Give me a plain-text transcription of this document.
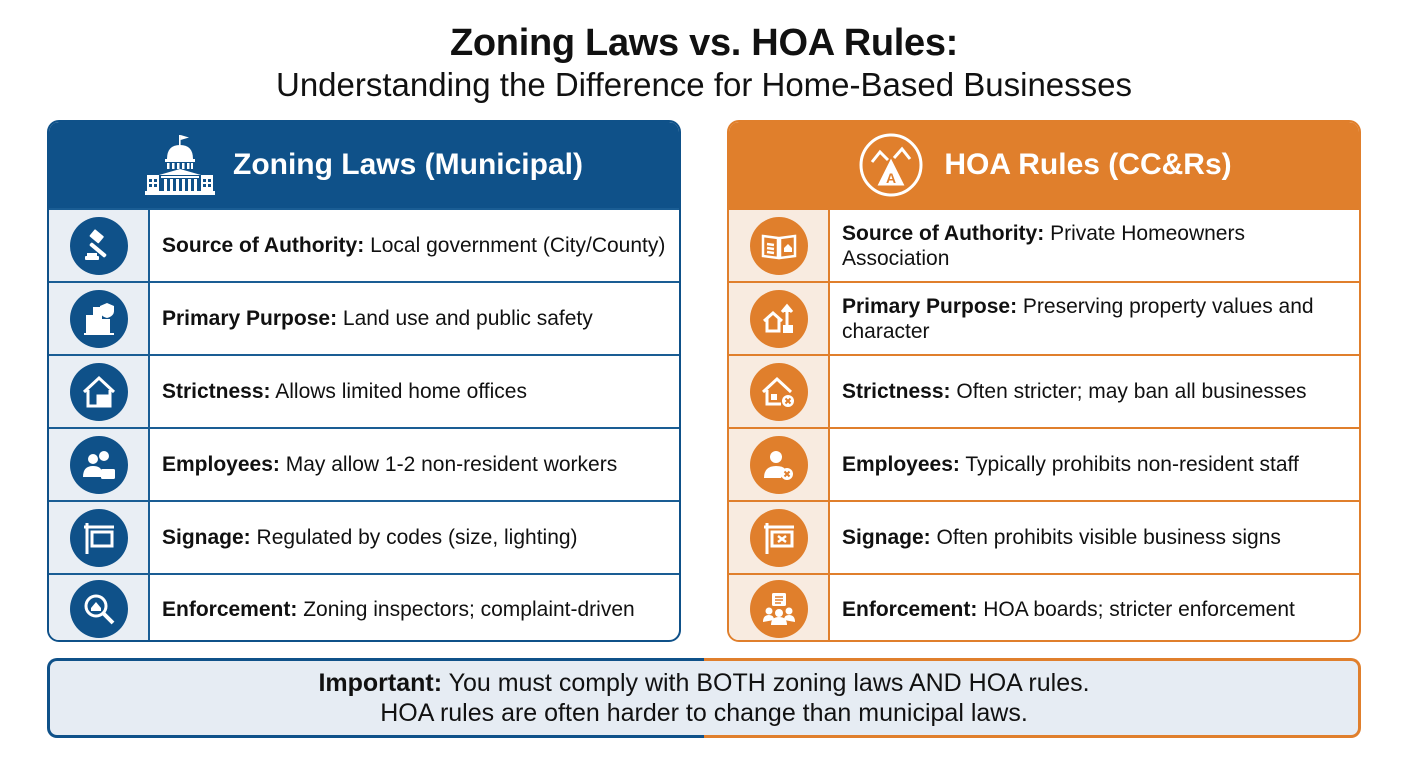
Zoning Laws vs. HOA Rules:
Understanding the Difference for Home-Based Businesses
Zoning Laws (Municipal)
Source of Authority: Local government (City/County)
Primary Purpose: Land use and public safety
Strictness: Allows limited home offices
Employees: May allow 1-2 non-resident workers
Signage: Regulated by codes (size, lighting)
Enforcement: Zoning inspectors; complaint-driven
A HOA Rules (CC&Rs)
Source of Authority: Private Homeowners Association
Primary Purpose: Preserving property values and character
Strictness: Often stricter; may ban all businesses
Employees: Typically prohibits non-resident staff
Signage: Often prohibits visible business signs
Enforcement: HOA boards; stricter enforcement
Important: You must comply with BOTH zoning laws AND HOA rules.
HOA rules are often harder to change than municipal laws.
